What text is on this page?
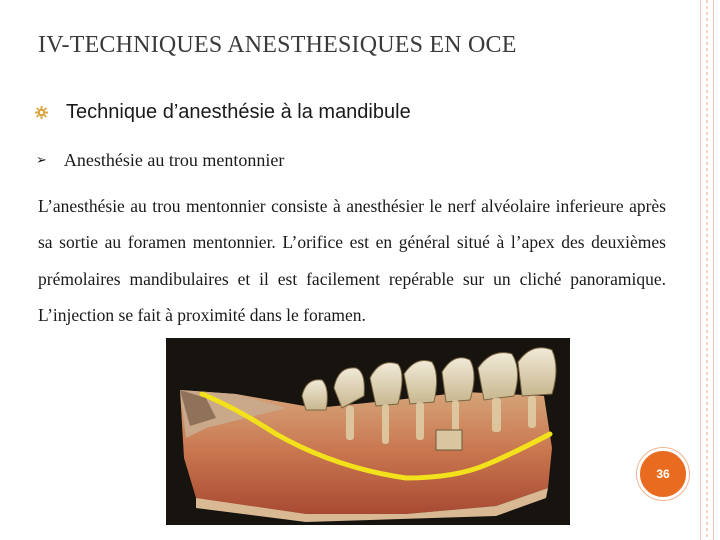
IV-TECHNIQUES ANESTHESIQUES EN OCE
Technique d’anesthésie à la mandibule
➢ Anesthésie au trou mentonnier
L’anesthésie au trou mentonnier consiste à anesthésier le nerf alvéolaire inferieure après sa sortie au foramen mentonnier. L’orifice est en général situé à l’apex des deuxièmes prémolaires mandibulaires et il est facilement repérable sur un cliché panoramique. L’injection se fait à proximité dans le foramen.
36
